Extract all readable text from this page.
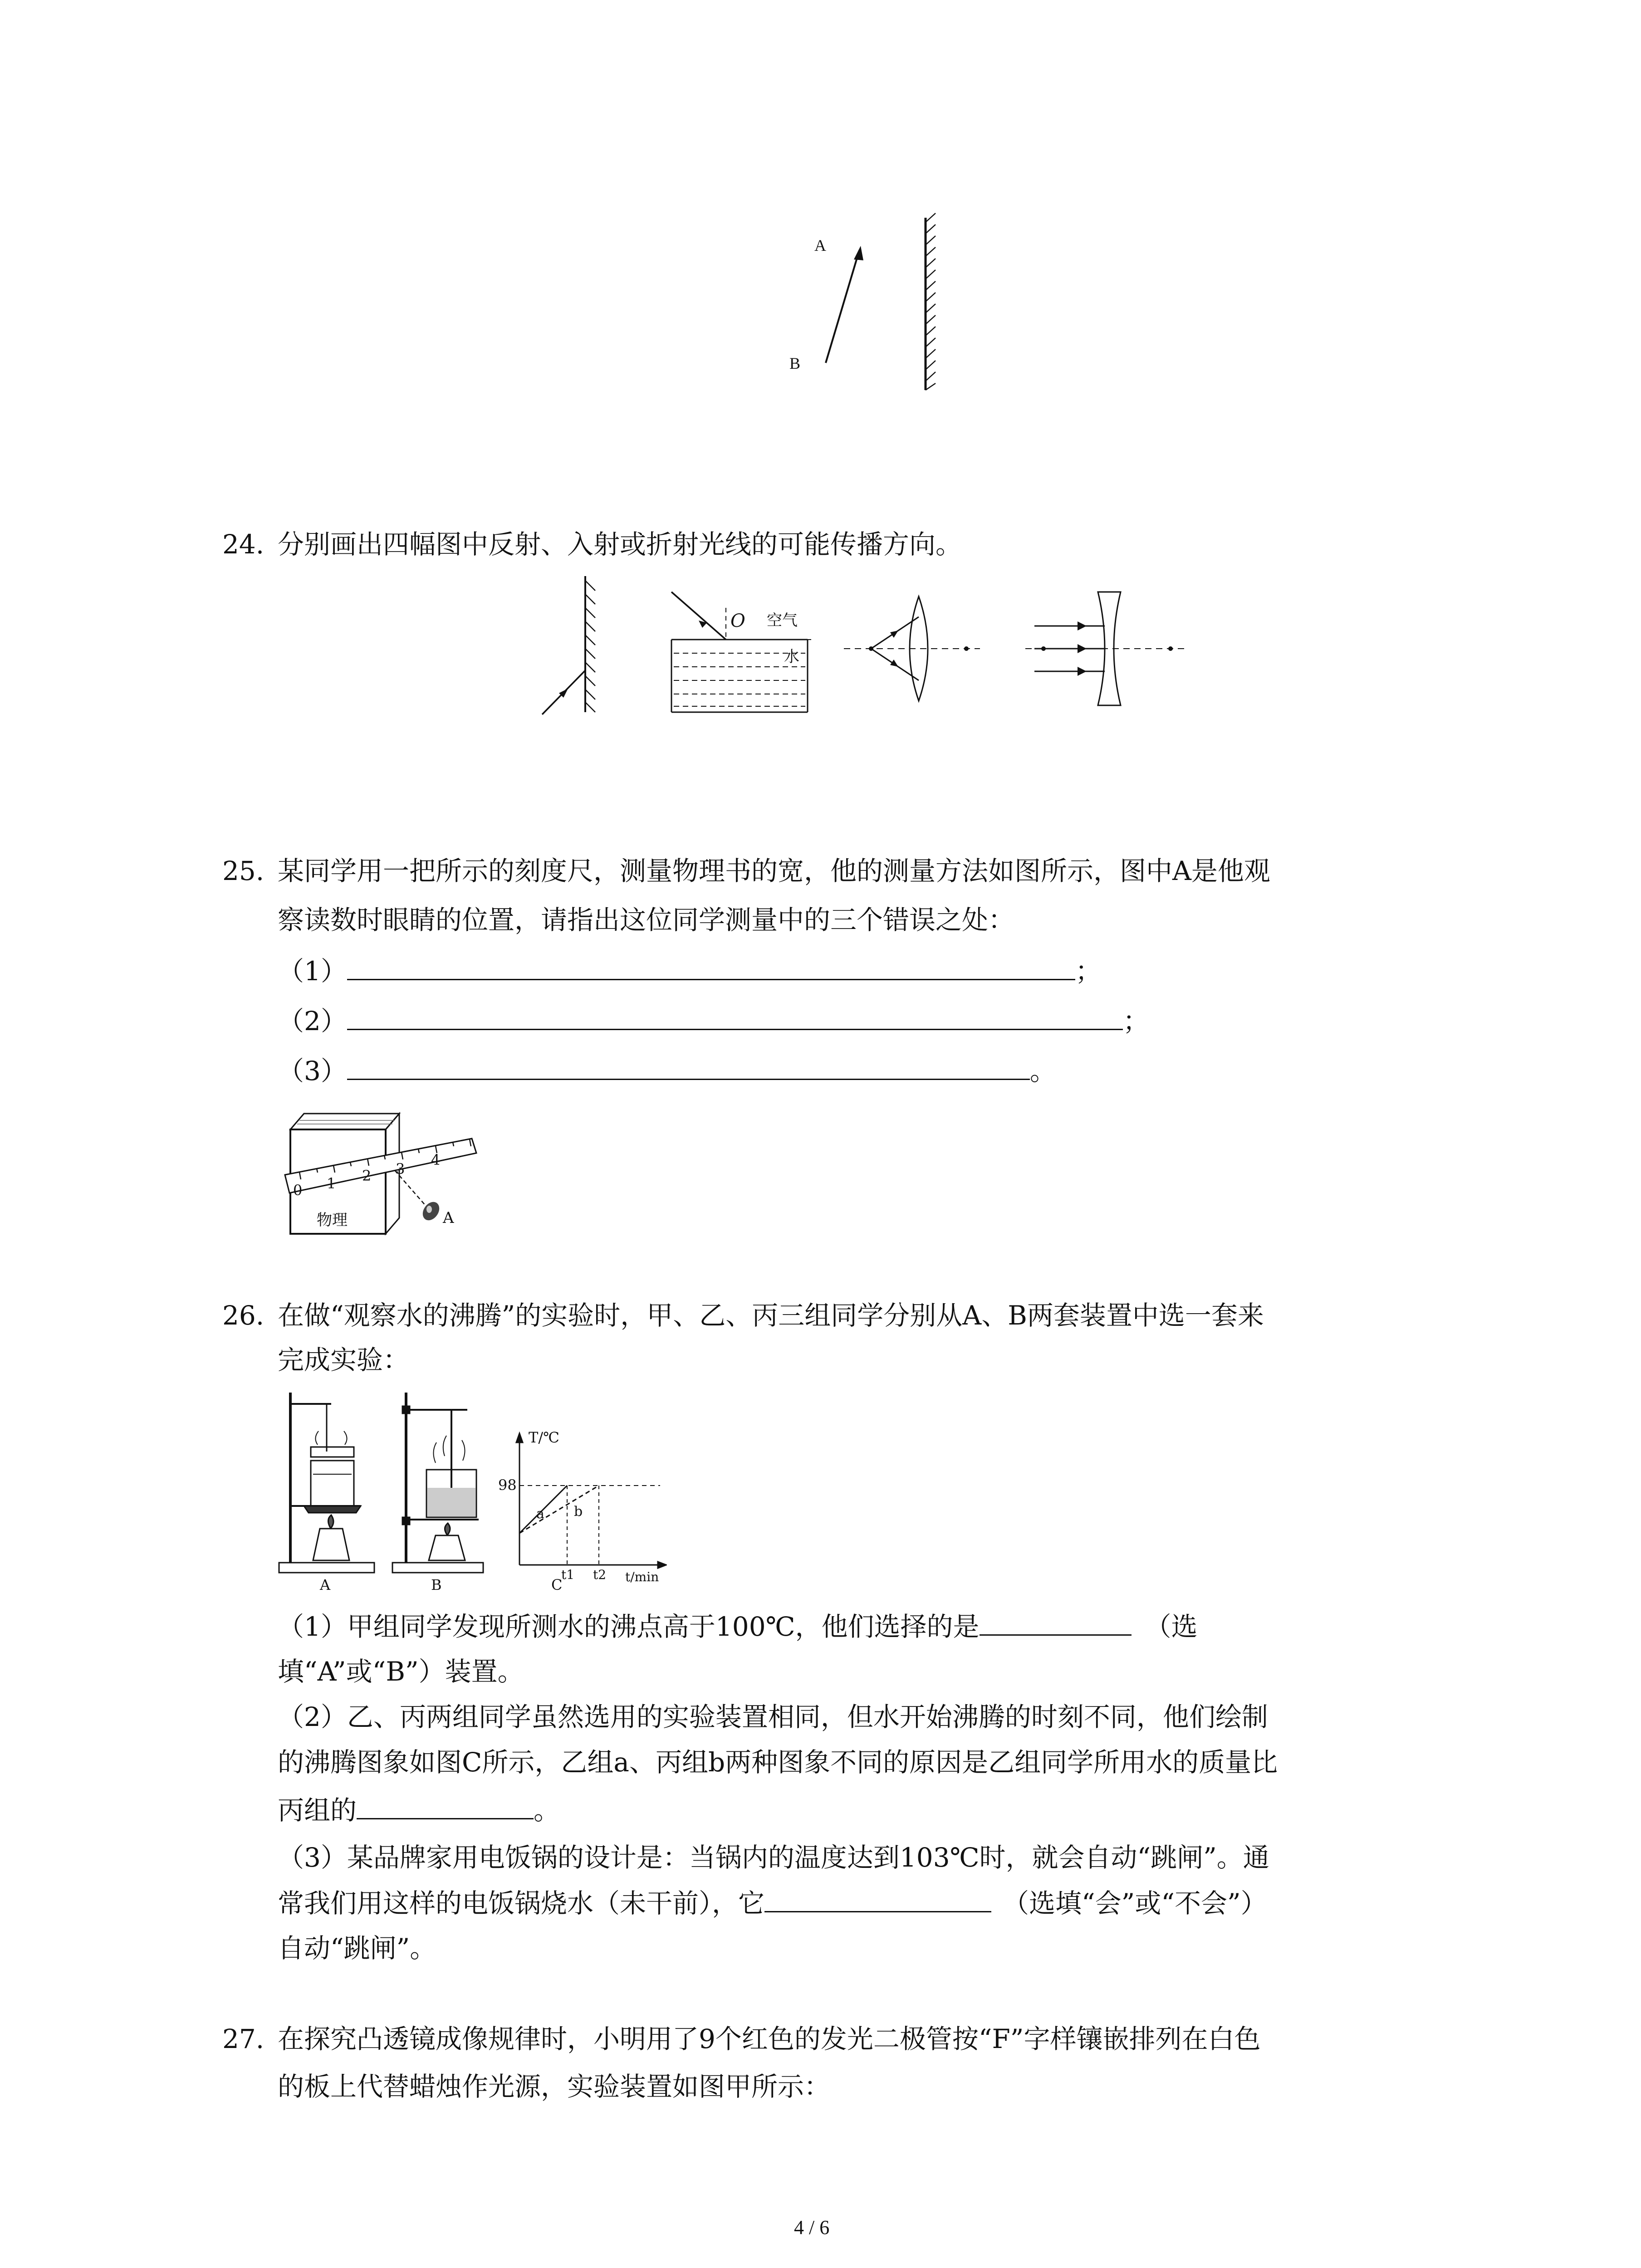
A
B
24. 分别画出四幅图中反射、入射或折射光线的可能传播方向。
O 空气
水
25. 某同学用一把所示的刻度尺，测量物理书的宽，他的测量方法如图所示，图中A是他观
察读数时眼睛的位置，请指出这位同学测量中的三个错误之处：
（1）	；
（2）	；
（3）	。
0 1 2 3
4
物理	A
26. 在做“观察水的沸腾”的实验时，甲、乙、丙三组同学分别从A、B两套装置中选一套来
完成实验：
A	B	C
T/℃
98
a b
t1 t2 t/min
（1）甲组同学发现所测水的沸点高于100℃，他们选择的是	（选
填“A”或“B”）装置。
（2）乙、丙两组同学虽然选用的实验装置相同，但水开始沸腾的时刻不同，他们绘制
的沸腾图象如图C所示，乙组a、丙组b两种图象不同的原因是乙组同学所用水的质量比
丙组的	。
（3）某品牌家用电饭锅的设计是：当锅内的温度达到103℃时，就会自动“跳闸”。通
常我们用这样的电饭锅烧水（未干前），它	（选填“会”或“不会”）
自动“跳闸”。
27. 在探究凸透镜成像规律时，小明用了9个红色的发光二极管按“F”字样镶嵌排列在白色
的板上代替蜡烛作光源，实验装置如图甲所示：
4 / 6
